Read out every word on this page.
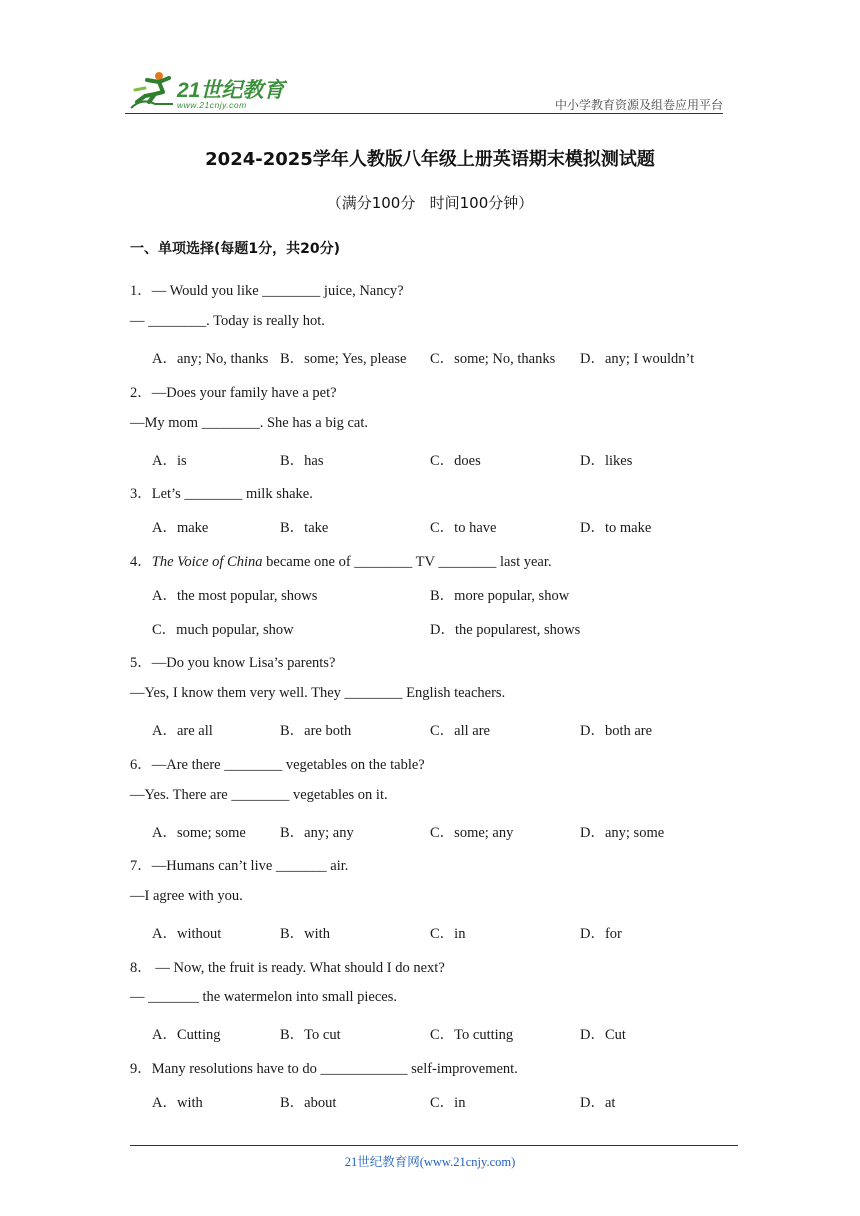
21世纪教育
www.21cnjy.com	中小学教育资源及组卷应用平台
2024-2025学年人教版八年级上册英语期末模拟测试题
（满分100分   时间100分钟）
一、单项选择(每题1分，共20分)
1．— Would you like ________ juice, Nancy?
— ________. Today is really hot.
A．any; No, thanks B．some; Yes, please C．some; No, thanks D．any; I wouldn’t
2．—Does your family have a pet?
—My mom ________. She has a big cat.
A．is	B．has	C．does	D．likes
3．Let’s ________ milk shake.
A．make	B．take	C．to have	D．to make
4．The Voice of China became one of ________ TV ________ last year.
A．the most popular, shows	B．more popular, show
C．much popular, show	D．the popularest, shows
5．—Do you know Lisa’s parents?
—Yes, I know them very well. They ________ English teachers.
A．are all	B．are both	C．all are	D．both are
6．—Are there ________ vegetables on the table?
—Yes. There are ________ vegetables on it.
A．some; some B．any; any	C．some; any	D．any; some
7．—Humans can’t live _______ air.
—I agree with you.
A．without	B．with	C．in	D．for
8． — Now, the fruit is ready. What should I do next?
— _______ the watermelon into small pieces.
A．Cutting	B．To cut	C．To cutting	D．Cut
9．Many resolutions have to do ____________ self-improvement.
A．with	B．about	C．in	D．at
21世纪教育网(www.21cnjy.com)
